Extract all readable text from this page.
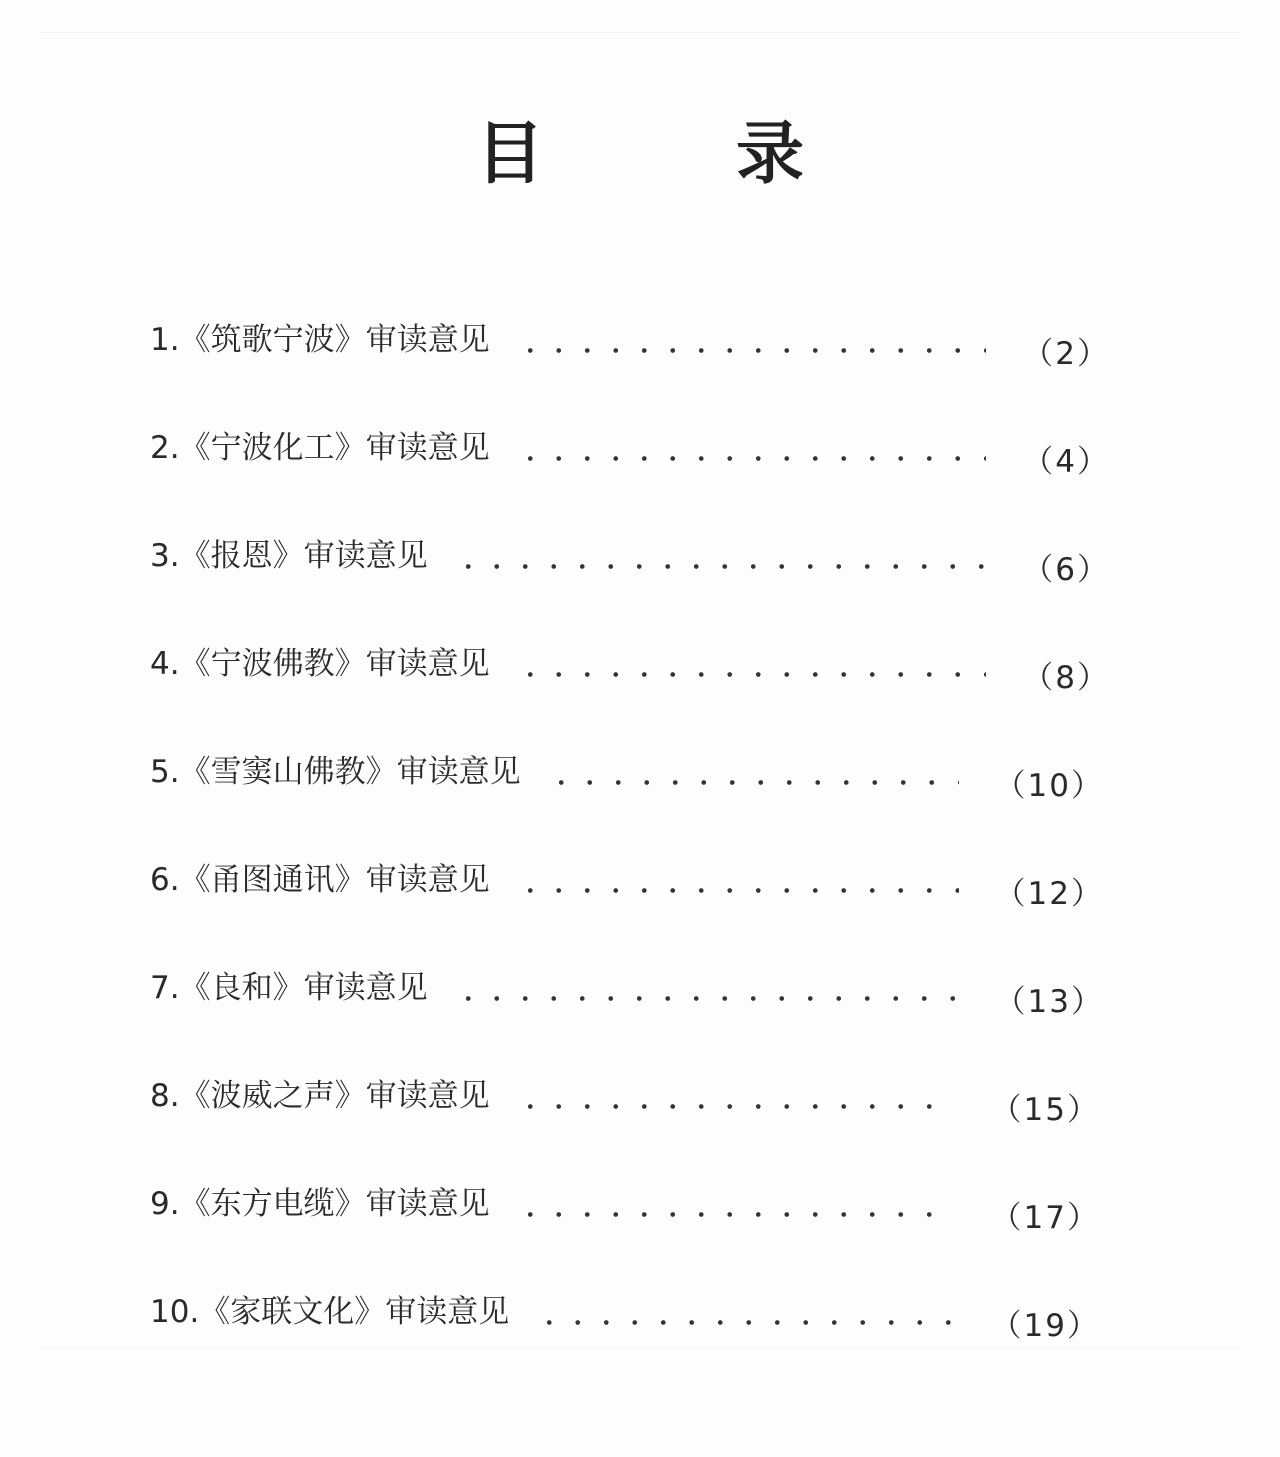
目　录
1.《筑歌宁波》审读意见	（2）
2.《宁波化工》审读意见	（4）
3.《报恩》审读意见	（6）
4.《宁波佛教》审读意见	（8）
5.《雪窦山佛教》审读意见	（10）
6.《甬图通讯》审读意见	（12）
7.《良和》审读意见	（13）
8.《波威之声》审读意见	（15）
9.《东方电缆》审读意见	（17）
10.《家联文化》审读意见	（19）
